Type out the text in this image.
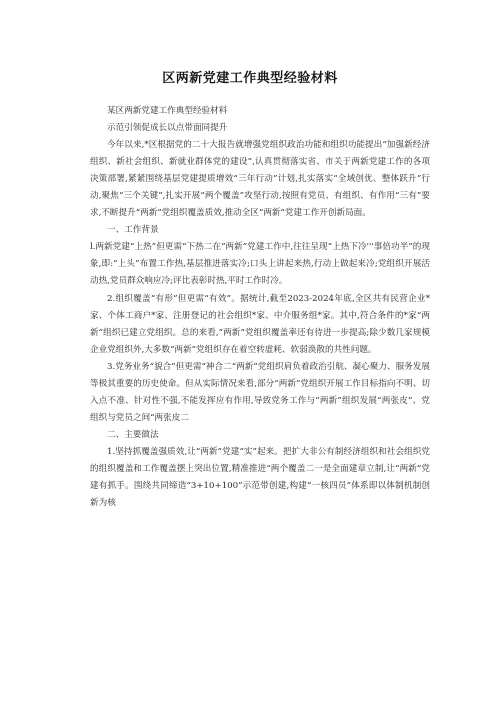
区两新党建工作典型经验材料

某区两新党建工作典型经验材料

示范引领促成长以点带面同提升

今年以来,*区根据党的二十大报告就增强党组织政治功能和组织功能提出“加强新经济组织、新社会组织、新就业群体党的建设”,认真贯彻落实省、市关于两新党建工作的各项决策部署,紧紧围绕基层党建提质增效“三年行动”计划,扎实落实“全域创优、整体跃升”行动,聚焦“三个关键”,扎实开展“两个覆盖”攻坚行动,按照有党员、有组织、有作用“三有”要求,不断提升“两新”党组织覆盖质效,推动全区“两新”党建工作开创新局面。

一、工作背景

l.两新党建“上热”但更需“下热二在“两新”党建工作中,往往呈现“上热下冷'''事倍功半”的现象,即:“上头”布置工作热,基层推进落实冷;口头上讲起来热,行动上做起来冷;党组织开展活动热,党员群众响应冷;评比表彰时热,平时工作时冷。

2.组织覆盖“有形”但更需“有效”。据统计,截至2023-2024年底,全区共有民营企业*家、个体工商户*家、注册登记的社会组织*家、中介服务组*家。其中,符合条件的*家“两新”组织已建立党组织。总的来看,“两新”党组织覆盖率还有待进一步提高;除少数几家规模企业党组织外,大多数“两新”党组织存在着空转虚耗、软弱涣散的共性问题。

3.党务业务“貌合”但更需“神合二“两新”党组织肩负着政治引航、凝心聚力、服务发展等极其重要的历史使命。但从实际情况来看,部分“两新”党组织开展工作目标指向不明、切入点不准、针对性不强,不能发挥应有作用,导致党务工作与“两新”组织发展“两张皮”、党组织与党员之间“两张皮二

二、主要做法

1.坚持抓覆盖强质效,让“两新”党建“实”起来。把扩大非公有制经济组织和社会组织党的组织覆盖和工作覆盖摆上突出位置,精准推进“两个覆盖二一是全面建章立制,让“两新”党建有抓手。围绕共同缔造“3+10+100”示范带创建,构建“一核四员”体系即以体制机制创新为核
